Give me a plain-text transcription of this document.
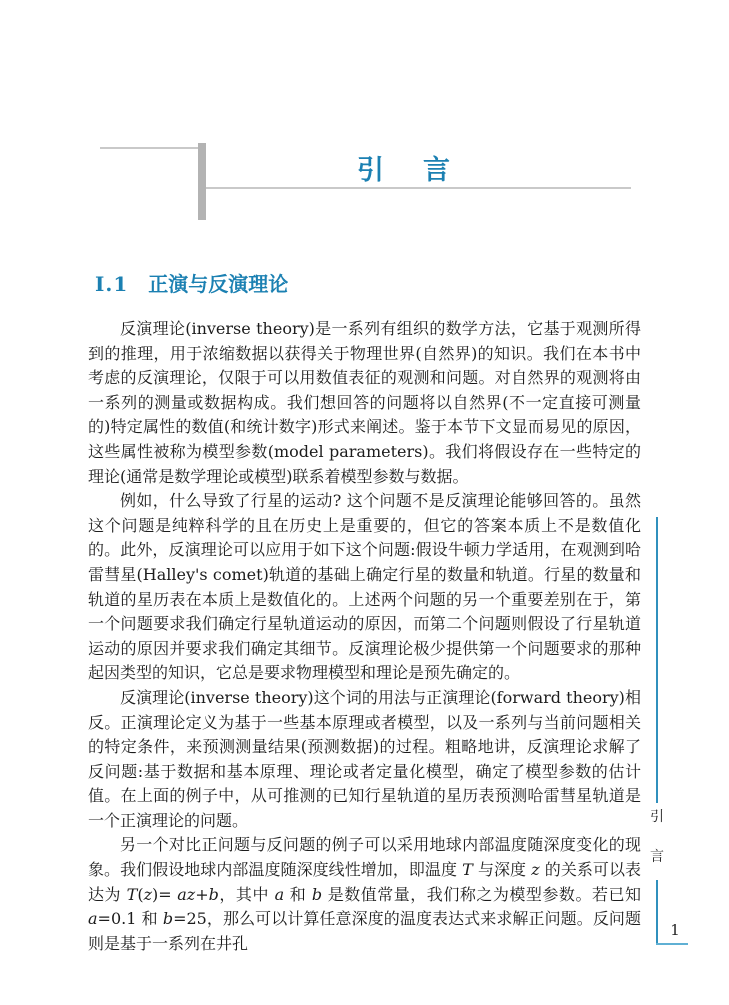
引 言
I.1 正演与反演理论

反演理论(inverse theory)是一系列有组织的数学方法，它基于观测所得到的推理，用于浓缩数据以获得关于物理世界(自然界)的知识。我们在本书中考虑的反演理论，仅限于可以用数值表征的观测和问题。对自然界的观测将由一系列的测量或数据构成。我们想回答的问题将以自然界(不一定直接可测量的)特定属性的数值(和统计数字)形式来阐述。鉴于本节下文显而易见的原因，这些属性被称为模型参数(model parameters)。我们将假设存在一些特定的理论(通常是数学理论或模型)联系着模型参数与数据。

例如，什么导致了行星的运动? 这个问题不是反演理论能够回答的。虽然这个问题是纯粹科学的且在历史上是重要的，但它的答案本质上不是数值化的。此外，反演理论可以应用于如下这个问题:假设牛顿力学适用，在观测到哈雷彗星(Halley's comet)轨道的基础上确定行星的数量和轨道。行星的数量和轨道的星历表在本质上是数值化的。上述两个问题的另一个重要差别在于，第一个问题要求我们确定行星轨道运动的原因，而第二个问题则假设了行星轨道运动的原因并要求我们确定其细节。反演理论极少提供第一个问题要求的那种起因类型的知识，它总是要求物理模型和理论是预先确定的。

反演理论(inverse theory)这个词的用法与正演理论(forward theory)相反。正演理论定义为基于一些基本原理或者模型，以及一系列与当前问题相关的特定条件，来预测测量结果(预测数据)的过程。粗略地讲，反演理论求解了反问题:基于数据和基本原理、理论或者定量化模型，确定了模型参数的估计值。在上面的例子中，从可推测的已知行星轨道的星历表预测哈雷彗星轨道是一个正演理论的问题。

另一个对比正问题与反问题的例子可以采用地球内部温度随深度变化的现象。我们假设地球内部温度随深度线性增加，即温度 T 与深度 z 的关系可以表达为 T(z)= az+b，其中 a 和 b 是数值常量，我们称之为模型参数。若已知 a=0.1 和 b=25，那么可以计算任意深度的温度表达式来求解正问题。反问题则是基于一系列在井孔

引
言
1
